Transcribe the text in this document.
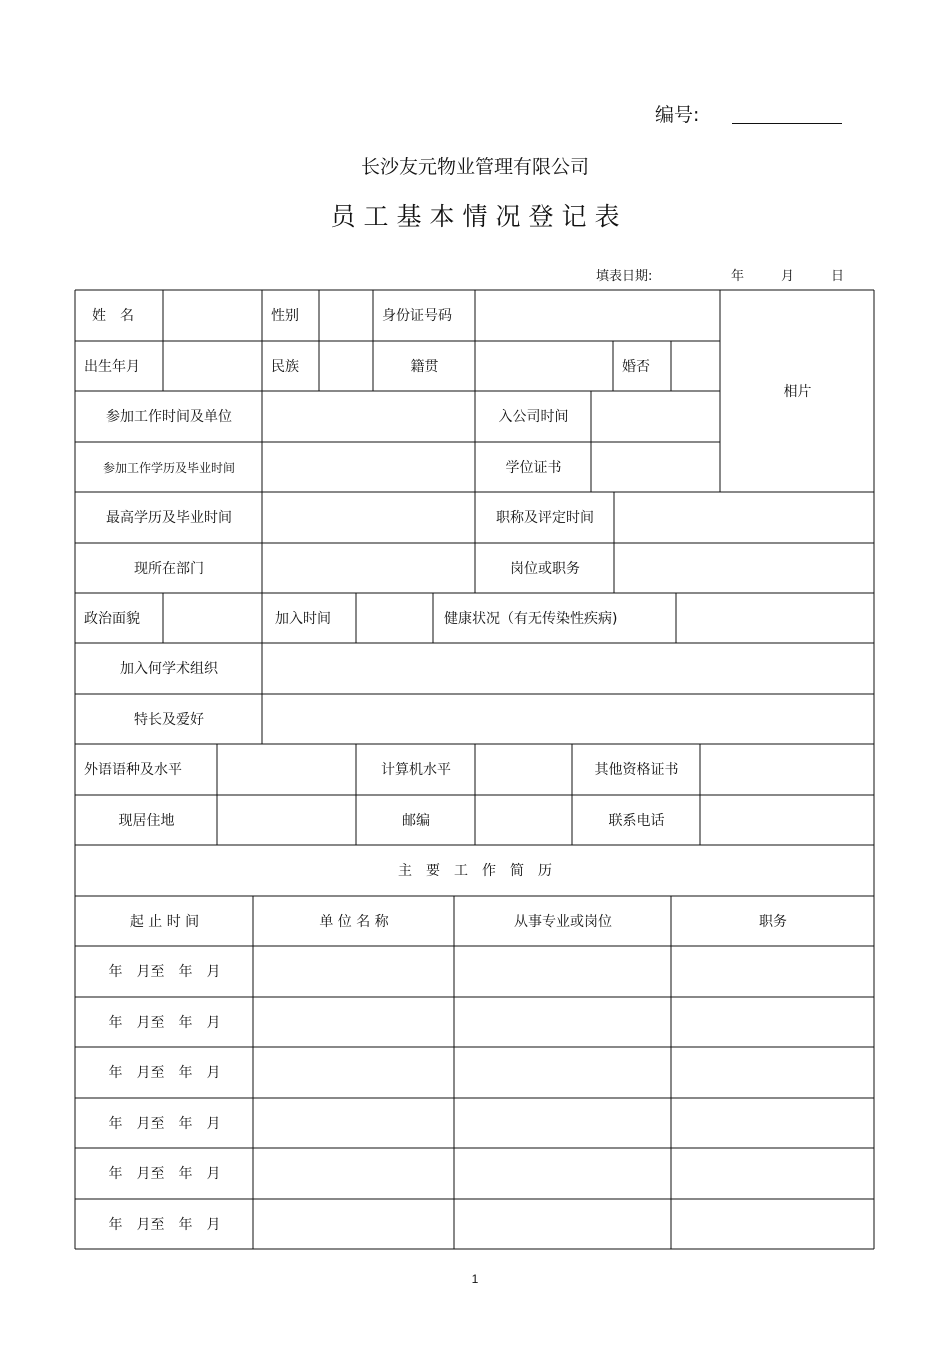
编号:
长沙友元物业管理有限公司
员工基本情况登记表
填表日期:	年	月	日
姓　名	性别	身份证号码
相片
出生年月	民族	籍贯	婚否
参加工作时间及单位	入公司时间
参加工作学历及毕业时间	学位证书
最高学历及毕业时间	职称及评定时间
现所在部门	岗位或职务
政治面貌	加入时间	健康状况（有无传染性疾病)
加入何学术组织
特长及爱好
外语语种及水平	计算机水平	其他资格证书
现居住地	邮编	联系电话
主　要　工　作　简　历
起 止 时 间	单 位 名 称	从事专业或岗位	职务
年　月至　年　月
年　月至　年　月
年　月至　年　月
年　月至　年　月
年　月至　年　月
年　月至　年　月
1
